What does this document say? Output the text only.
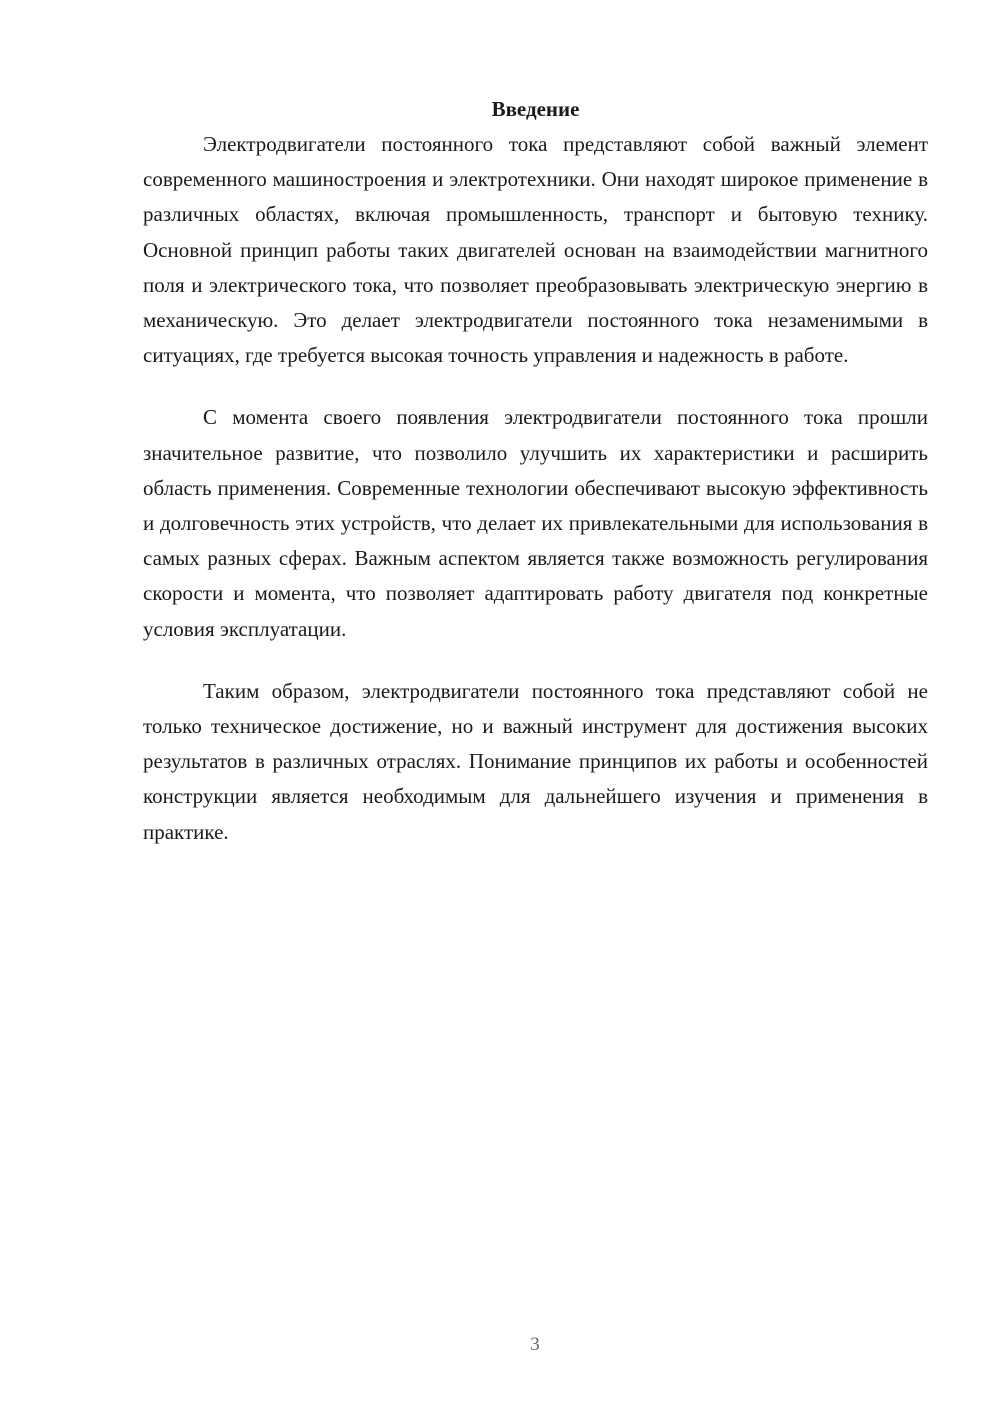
Введение

Электродвигатели постоянного тока представляют собой важный элемент современного машиностроения и электротехники. Они находят широкое применение в различных областях, включая промышленность, транспорт и бытовую технику. Основной принцип работы таких двигателей основан на взаимодействии магнитного поля и электрического тока, что позволяет преобразовывать электрическую энергию в механическую. Это делает электродвигатели постоянного тока незаменимыми в ситуациях, где требуется высокая точность управления и надежность в работе.

С момента своего появления электродвигатели постоянного тока прошли значительное развитие, что позволило улучшить их характеристики и расширить область применения. Современные технологии обеспечивают высокую эффективность и долговечность этих устройств, что делает их привлекательными для использования в самых разных сферах. Важным аспектом является также возможность регулирования скорости и момента, что позволяет адаптировать работу двигателя под конкретные условия эксплуатации.

Таким образом, электродвигатели постоянного тока представляют собой не только техническое достижение, но и важный инструмент для достижения высоких результатов в различных отраслях. Понимание принципов их работы и особенностей конструкции является необходимым для дальнейшего изучения и применения в практике.

3
